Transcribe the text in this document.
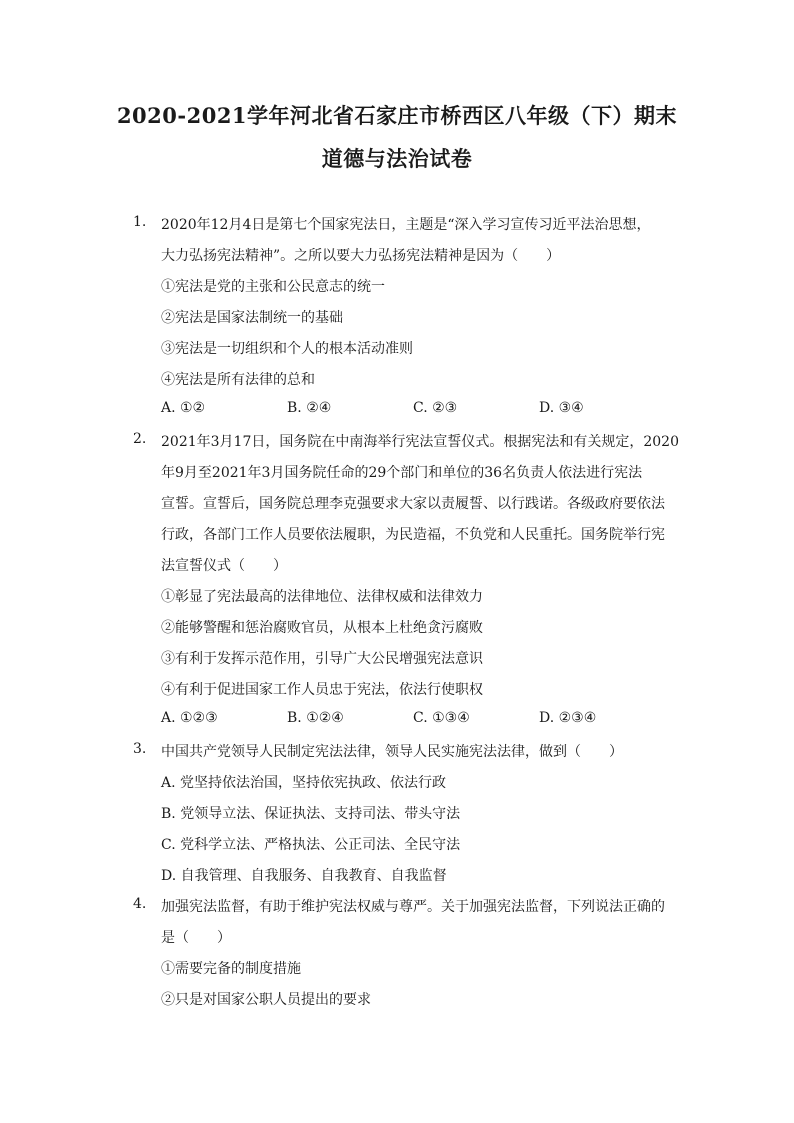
2020-2021学年河北省石家庄市桥西区八年级（下）期末
道德与法治试卷
1. 2020年12月4日是第七个国家宪法日，主题是“深入学习宣传习近平法治思想，
大力弘扬宪法精神”。之所以要大力弘扬宪法精神是因为（　　）
①宪法是党的主张和公民意志的统一
②宪法是国家法制统一的基础
③宪法是一切组织和个人的根本活动准则
④宪法是所有法律的总和
A. ①②	B. ②④	C. ②③	D. ③④
2. 2021年3月17日，国务院在中南海举行宪法宣誓仪式。根据宪法和有关规定，2020
年9月至2021年3月国务院任命的29个部门和单位的36名负责人依法进行宪法
宣誓。宣誓后，国务院总理李克强要求大家以责履誓、以行践诺。各级政府要依法
行政，各部门工作人员要依法履职，为民造福，不负党和人民重托。国务院举行宪
法宣誓仪式（　　）
①彰显了宪法最高的法律地位、法律权威和法律效力
②能够警醒和惩治腐败官员，从根本上杜绝贪污腐败
③有利于发挥示范作用，引导广大公民增强宪法意识
④有利于促进国家工作人员忠于宪法，依法行使职权
A. ①②③	B. ①②④	C. ①③④	D. ②③④
3. 中国共产党领导人民制定宪法法律，领导人民实施宪法法律，做到（　　）
A. 党坚持依法治国，坚持依宪执政、依法行政
B. 党领导立法、保证执法、支持司法、带头守法
C. 党科学立法、严格执法、公正司法、全民守法
D. 自我管理、自我服务、自我教育、自我监督
4. 加强宪法监督，有助于维护宪法权威与尊严。关于加强宪法监督，下列说法正确的
是（　　）
①需要完备的制度措施
②只是对国家公职人员提出的要求
